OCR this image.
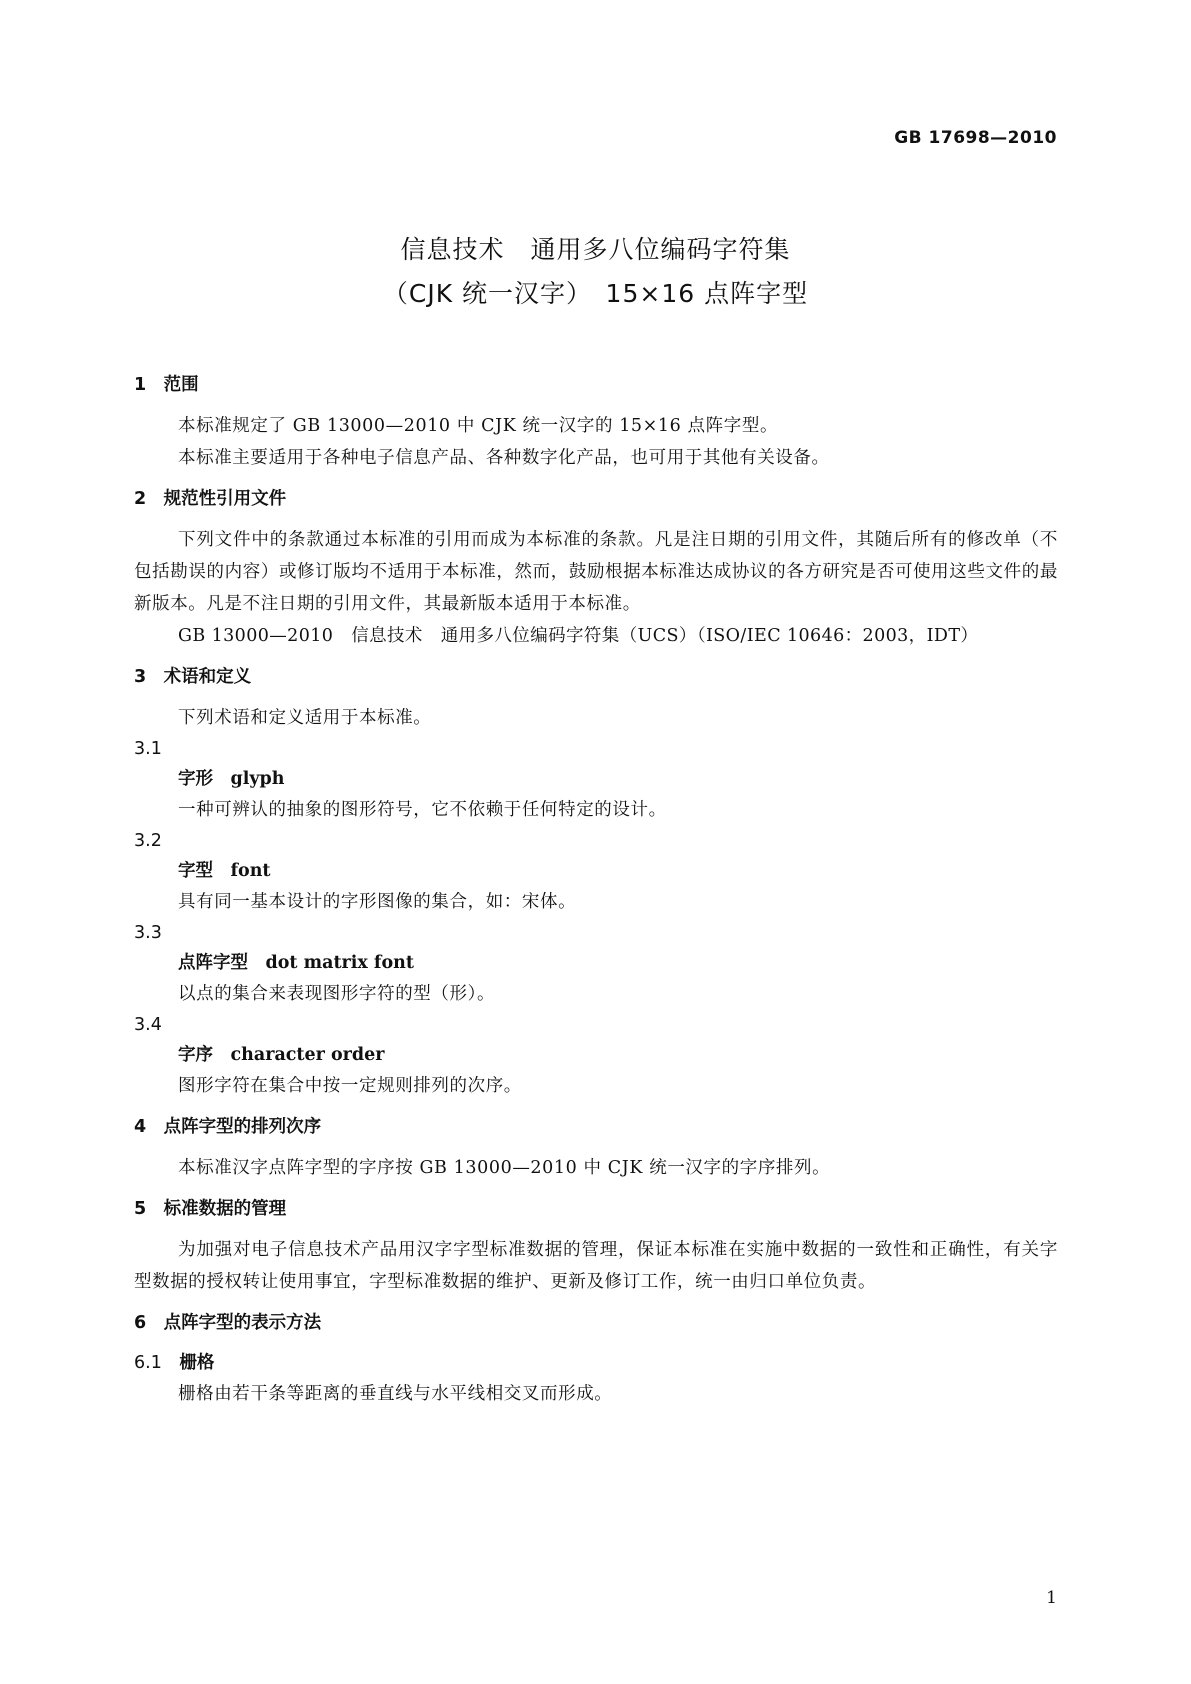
GB 17698—2010
信息技术　通用多八位编码字符集
（CJK 统一汉字）　15×16 点阵字型
1　范围
本标准规定了 GB 13000—2010 中 CJK 统一汉字的 15×16 点阵字型。
本标准主要适用于各种电子信息产品、各种数字化产品，也可用于其他有关设备。
2　规范性引用文件
下列文件中的条款通过本标准的引用而成为本标准的条款。凡是注日期的引用文件，其随后所有的修改单（不包括勘误的内容）或修订版均不适用于本标准，然而，鼓励根据本标准达成协议的各方研究是否可使用这些文件的最新版本。凡是不注日期的引用文件，其最新版本适用于本标准。
GB 13000—2010　信息技术　通用多八位编码字符集（UCS）（ISO/IEC 10646：2003，IDT）
3　术语和定义
下列术语和定义适用于本标准。
3.1
字形　glyph
一种可辨认的抽象的图形符号，它不依赖于任何特定的设计。
3.2
字型　font
具有同一基本设计的字形图像的集合，如：宋体。
3.3
点阵字型　dot matrix font
以点的集合来表现图形字符的型（形）。
3.4
字序　character order
图形字符在集合中按一定规则排列的次序。
4　点阵字型的排列次序
本标准汉字点阵字型的字序按 GB 13000—2010 中 CJK 统一汉字的字序排列。
5　标准数据的管理
为加强对电子信息技术产品用汉字字型标准数据的管理，保证本标准在实施中数据的一致性和正确性，有关字型数据的授权转让使用事宜，字型标准数据的维护、更新及修订工作，统一由归口单位负责。
6　点阵字型的表示方法
6.1　 栅格
栅格由若干条等距离的垂直线与水平线相交叉而形成。
1
